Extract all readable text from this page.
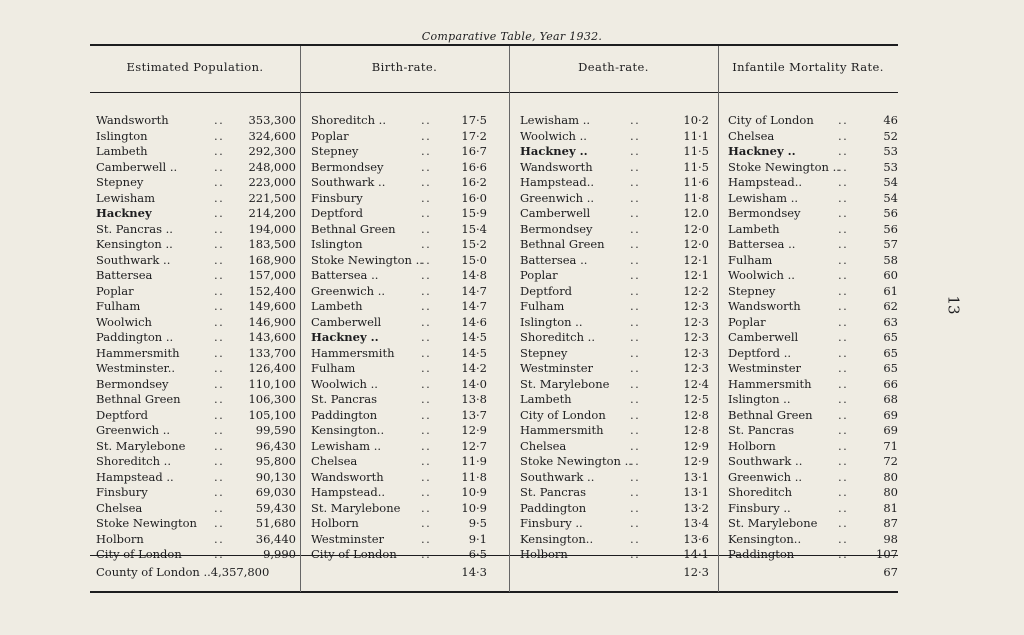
Comparative Table, Year 1932.
Estimated Population.	Birth-rate.	Death-rate.	Infantile Mortality Rate.
Wandsworth	.. 353,300
Islington	.. 324,600
Lambeth	.. 292,300
Camberwell ..	.. 248,000
Stepney	.. 223,000
Lewisham	.. 221,500
Hackney	.. 214,200
St. Pancras ..	.. 194,000
Kensington ..	.. 183,500
Southwark ..	.. 168,900
Battersea	.. 157,000
Poplar	.. 152,400
Fulham	.. 149,600
Woolwich	.. 146,900
Paddington ..	.. 143,600
Hammersmith	.. 133,700
Westminster..	.. 126,400
Bermondsey	.. 110,100
Bethnal Green	.. 106,300
Deptford	.. 105,100
Greenwich ..	..	99,590
St. Marylebone ..	96,430
Shoreditch ..	..	95,800
Hampstead ..	..	90,130
Finsbury	..	69,030
Chelsea	..	59,430
Stoke Newington ..	51,680
Holborn	..	36,440
City of London	..	9,990
Shoreditch ..	..	17·5
Poplar	..	17·2
Stepney	..	16·7
Bermondsey	..	16·6
Southwark ..	..	16·2
Finsbury	..	16·0
Deptford	..	15·9
Bethnal Green ..	15·4
Islington	..	15·2
Stoke Newington ..
..	15·0
Battersea ..	..	14·8
Greenwich ..	..	14·7
Lambeth	..	14·7
Camberwell	..	14·6
Hackney ..	..	14·5
Hammersmith ..	14·5
Fulham	..	14·2
Woolwich ..	..	14·0
St. Pancras	..	13·8
Paddington	..	13·7
Kensington..	..	12·9
Lewisham ..	..	12·7
Chelsea	..	11·9
Wandsworth	..	11·8
Hampstead..	..	10·9
St. Marylebone ..	10·9
Holborn	..	9·5
Westminster	..	9·1
City of London ..	6·5
Lewisham ..	..	10·2
Woolwich ..	..	11·1
Hackney ..	..	11·5
Wandsworth	..	11·5
Hampstead..	..	11·6
Greenwich ..	..	11·8
Camberwell	..	12.0
Bermondsey	..	12·0
Bethnal Green ..	12·0
Battersea ..	..	12·1
Poplar	..	12·1
Deptford	..	12·2
Fulham	..	12·3
Islington ..	..	12·3
Shoreditch ..	..	12·3
Stepney	..	12·3
Westminster	..	12·3
St. Marylebone ..	12·4
Lambeth	..	12·5
City of London ..	12·8
Hammersmith ..	12·8
Chelsea	..	12·9
Stoke Newington ..
..	12·9
Southwark ..	..	13·1
St. Pancras	..	13·1
Paddington	..	13·2
Finsbury ..	..	13·4
Kensington..	..	13·6
Holborn	..	14·1
City of London ..	46
Chelsea	..	52
Hackney ..	..	53
Stoke Newington ..
..	53
Hampstead..	..	54
Lewisham ..	..	54
Bermondsey	..	56
Lambeth	..	56
Battersea ..	..	57
Fulham	..	58
Woolwich ..	..	60
Stepney	..	61
Wandsworth	..	62
Poplar	..	63
Camberwell	..	65
Deptford ..	..	65
Westminster	..	65
Hammersmith ..	66
Islington ..	..	68
Bethnal Green ..	69
St. Pancras	..	69
Holborn	..	71
Southwark ..	..	72
Greenwich ..	..	80
Shoreditch	..	80
Finsbury ..	..	81
St. Marylebone ..	87
Kensington..	..	98
Paddington	.. 107
County of London ..4,357,800	14·3	12·3	67
13
